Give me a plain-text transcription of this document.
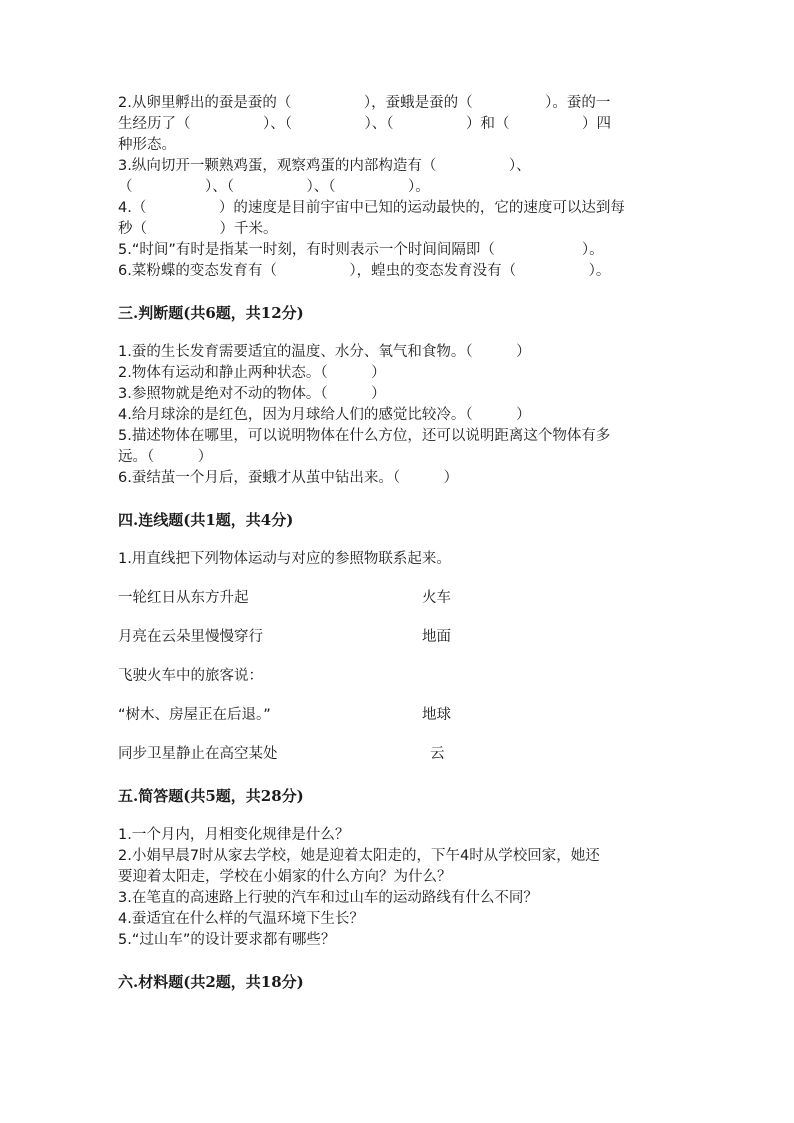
2.从卵里孵出的蚕是蚕的（　　　　　），蚕蛾是蚕的（　　　　　）。蚕的一
生经历了（　　　　　）、（　　　　　）、（　　　　　）和（　　　　　）四
种形态。
3.纵向切开一颗熟鸡蛋，观察鸡蛋的内部构造有（　　　　　）、
（　　　　　）、（　　　　　）、（　　　　　）。
4.（　　　　　）的速度是目前宇宙中已知的运动最快的，它的速度可以达到每
秒（　　　　　）千米。
5.“时间”有时是指某一时刻，有时则表示一个时间间隔即（　　　　　　）。
6.菜粉蝶的变态发育有（　　　　　），蝗虫的变态发育没有（　　　　　）。
三.判断题(共6题，共12分)
1.蚕的生长发育需要适宜的温度、水分、氧气和食物。（　　　）
2.物体有运动和静止两种状态。（　　　）
3.参照物就是绝对不动的物体。（　　　）
4.给月球涂的是红色，因为月球给人们的感觉比较冷。（　　　）
5.描述物体在哪里，可以说明物体在什么方位，还可以说明距离这个物体有多
远。（　　　）
6.蚕结茧一个月后，蚕蛾才从茧中钻出来。（　　　）
四.连线题(共1题，共4分)
1.用直线把下列物体运动与对应的参照物联系起来。
一轮红日从东方升起	火车
月亮在云朵里慢慢穿行	地面
飞驶火车中的旅客说：
“树木、房屋正在后退。”	地球
同步卫星静止在高空某处	云
五.简答题(共5题，共28分)
1.一个月内，月相变化规律是什么？
2.小娟早晨7时从家去学校，她是迎着太阳走的，下午4时从学校回家，她还
要迎着太阳走，学校在小娟家的什么方向？为什么？
3.在笔直的高速路上行驶的汽车和过山车的运动路线有什么不同？
4.蚕适宜在什么样的气温环境下生长？
5.“过山车”的设计要求都有哪些？
六.材料题(共2题，共18分)
